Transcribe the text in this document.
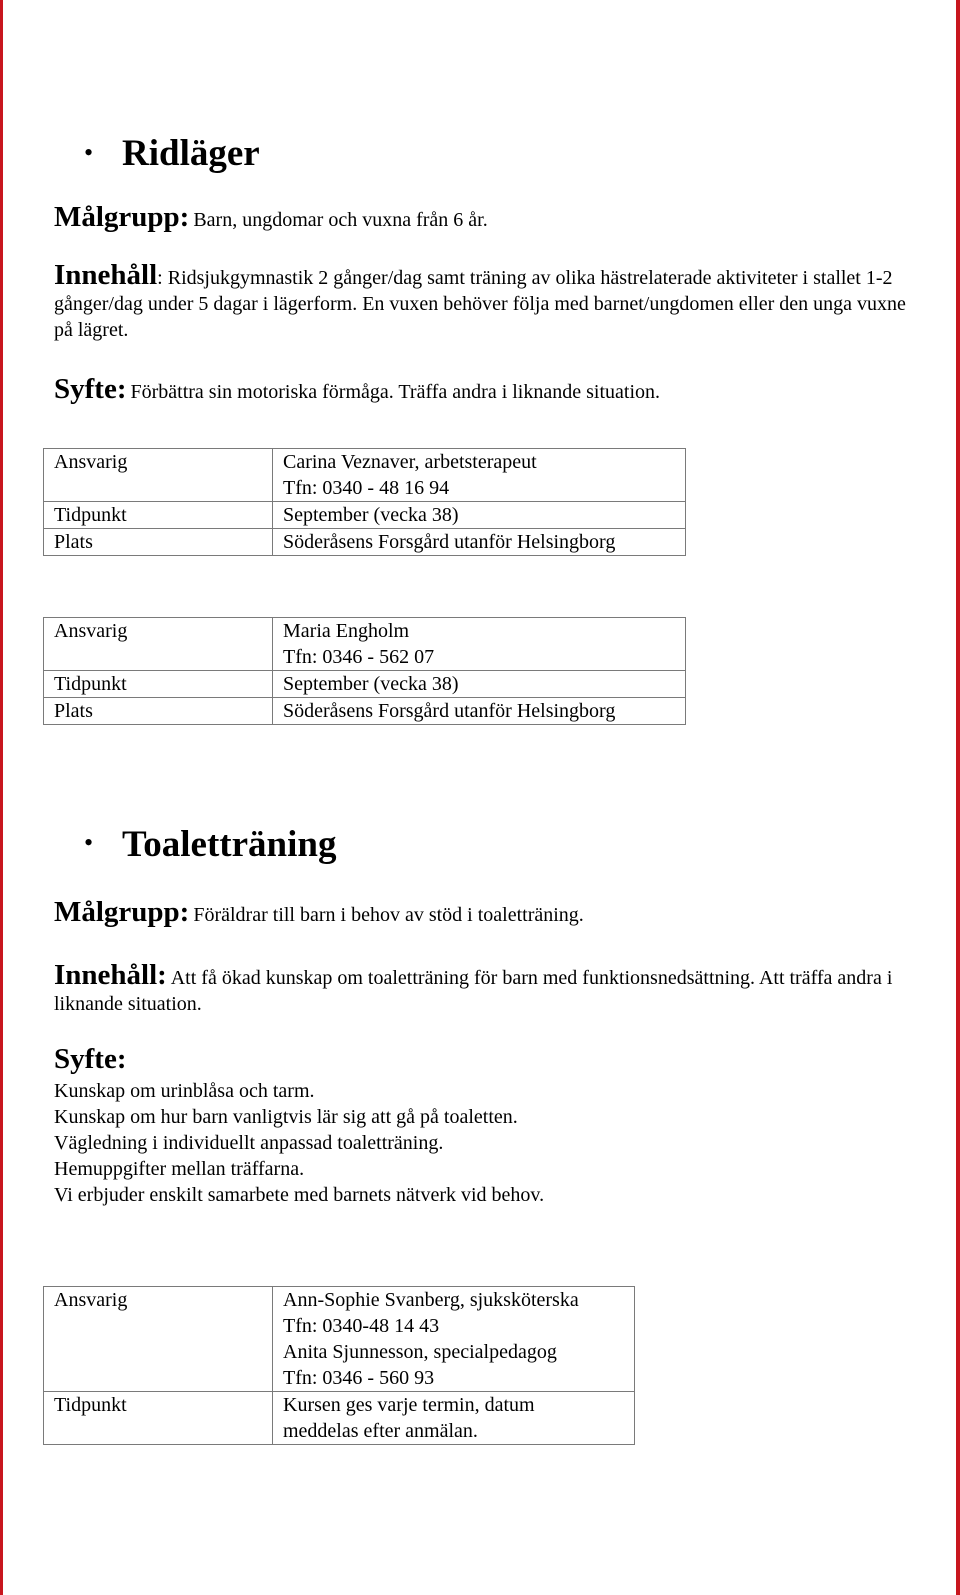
• Ridläger
Målgrupp: Barn, ungdomar och vuxna från 6 år.
Innehåll: Ridsjukgymnastik 2 gånger/dag samt träning av olika hästrelaterade aktiviteter i stallet 1-2 gånger/dag under 5 dagar i lägerform. En vuxen behöver följa med barnet/ungdomen eller den unga vuxne på lägret.
Syfte: Förbättra sin motoriska förmåga. Träffa andra i liknande situation.
Ansvarig	Carina Veznaver, arbetsterapeut
Tfn: 0340 - 48 16 94

Tidpunkt	September (vecka 38)
Plats	Söderåsens Forsgård utanför Helsingborg
Ansvarig	Maria Engholm
Tfn: 0346 - 562 07

Tidpunkt	September (vecka 38)
Plats	Söderåsens Forsgård utanför Helsingborg
• Toaletträning
Målgrupp: Föräldrar till barn i behov av stöd i toaletträning.
Innehåll: Att få ökad kunskap om toaletträning för barn med funktionsnedsättning. Att träffa andra i liknande situation.
Syfte:
Kunskap om urinblåsa och tarm.
Kunskap om hur barn vanligtvis lär sig att gå på toaletten.
Vägledning i individuellt anpassad toaletträning.
Hemuppgifter mellan träffarna.
Vi erbjuder enskilt samarbete med barnets nätverk vid behov.
Ansvarig	Ann-Sophie Svanberg, sjuksköterska
Tfn: 0340-48 14 43
Anita Sjunnesson, specialpedagog
Tfn: 0346 - 560 93

Tidpunkt	Kursen ges varje termin, datum
meddelas efter anmälan.
